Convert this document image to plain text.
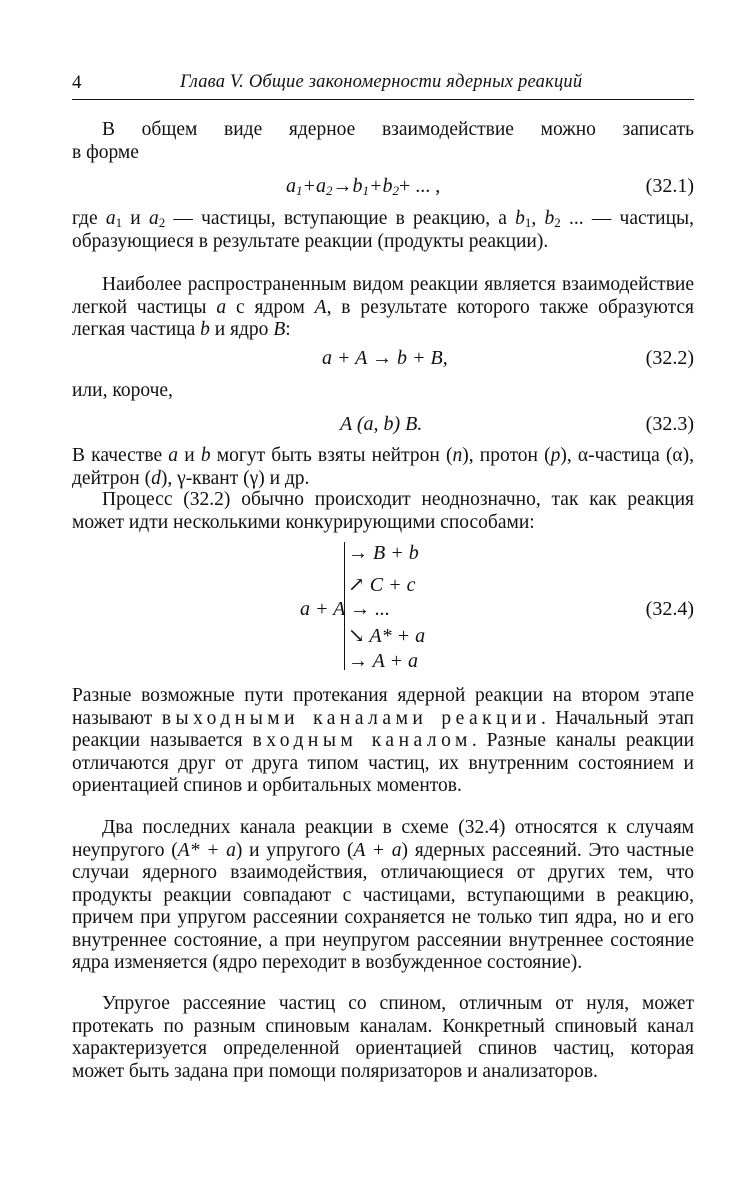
4	Глава V. Общие закономерности ядерных реакций
В общем виде ядерное взаимодействие можно записать
в форме
$a_1+a_2\to b_1+b_2+$ ... ,	(32.1)
где $a_1$ и $a_2$ — частицы, вступающие в реакцию, а $b_1$, $b_2$ ... — частицы, образующиеся в результате реакции (продукты реакции).
Наиболее распространенным видом реакции является взаимодействие легкой частицы a с ядром A, в результате которого также образуются легкая частица b и ядро B:
a + A → b + B,	(32.2)
или, короче,
A (a, b) B.	(32.3)
В качестве a и b могут быть взяты нейтрон (n), протон (p), α-частица (α), дейтрон (d), γ-квант (γ) и др.
Процесс (32.2) обычно происходит неоднозначно, так как реакция может идти несколькими конкурирующими способами:
→ B + b
↗ C + c
a + A → ...
↘ A* + a
→ A + a
(32.4)
Разные возможные пути протекания ядерной реакции на втором этапе называют выходными каналами реакции. Начальный этап реакции называется входным каналом. Разные каналы реакции отличаются друг от друга типом частиц, их внутренним состоянием и ориентацией спинов и орбитальных моментов.
Два последних канала реакции в схеме (32.4) относятся к случаям неупругого (A* + a) и упругого (A + a) ядерных рассеяний. Это частные случаи ядерного взаимодействия, отличающиеся от других тем, что продукты реакции совпадают с частицами, вступающими в реакцию, причем при упругом рассеянии сохраняется не только тип ядра, но и его внутреннее состояние, а при неупругом рассеянии внутреннее состояние ядра изменяется (ядро переходит в возбужденное состояние).
Упругое рассеяние частиц со спином, отличным от нуля, может протекать по разным спиновым каналам. Конкретный спиновый канал характеризуется определенной ориентацией спинов частиц, которая может быть задана при помощи поляризаторов и анализаторов.
